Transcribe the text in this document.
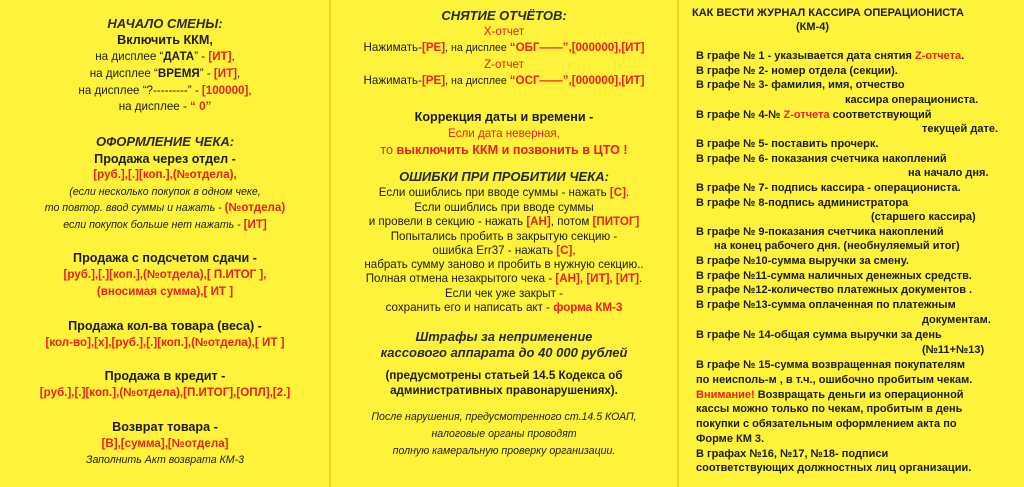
НАЧАЛО СМЕНЫ:
Включить ККМ,
на дисплее “ДАТА” - [ИТ],
на дисплее “ВРЕМЯ” - [ИТ],
на дисплее “?---------” - [100000],
на дисплее - “ 0”
ОФОРМЛЕНИЕ ЧЕКА:
Продажа через отдел -
[руб.],[.][коп.],(№отдела),
(если несколько покупок в одном чеке,
то повтор. ввод суммы и нажать - (№отдела)
если покупок больше нет нажать - [ИТ]
Продажа с подсчетом сдачи -
[руб.],[.][коп.],(№отдела),[ П.ИТОГ ],
(вносимая сумма),[ ИТ ]
Продажа кол-ва товара (веса) -
[кол-во],[х],[руб.],[.][коп.],(№отдела),[ ИТ ]
Продажа в кредит -
[руб.],[.][коп.],(№отдела),[П.ИТОГ],[ОПЛ],[2.]
Возврат товара -
[В],[сумма],[№отдела]
Заполнить Акт возврата КМ-3
СНЯТИЕ ОТЧЁТОВ:
Х-отчет
Нажимать-[РЕ], на дисплее “ОБГ——”,[000000],[ИТ]
Z-отчет
Нажимать-[РЕ], на дисплее “ОСГ——”,[000000],[ИТ]
Коррекция даты и времени -
Если дата неверная,
то выключить ККМ и позвонить в ЦТО !
ОШИБКИ ПРИ ПРОБИТИИ ЧЕКА:
Если ошиблись при вводе суммы - нажать [С].
Если ошиблись при вводе суммы
и провели в секцию - нажать [АН], потом [ПИТОГ]
Попытались пробить в закрытую секцию -
ошибка Err37 - нажать [С],
набрать сумму заново и пробить в нужную секцию..
Полная отмена незакрытого чека - [АН], [ИТ], [ИТ].
Если чек уже закрыт -
сохранить его и написать акт - форма КМ-3
Штрафы за неприменение
кассового аппарата до 40 000 рублей
(предусмотрены статьей 14.5 Кодекса об
административных правонарушениях).
После нарушения, предусмотренного ст.14.5 КОАП,
налоговые органы проводят
полную камеральную проверку организации.
КАК ВЕСТИ ЖУРНАЛ КАССИРА ОПЕРАЦИОНИСТА
(КМ-4)
В графе № 1 - указывается дата снятия Z-отчета.
В графе № 2- номер отдела (секции).
В графе № 3- фамилия, имя, отчество
кассира операциониста.
В графе № 4-№ Z-отчета соответствующий
текущей дате.
В графе № 5- поставить прочерк.
В графе № 6- показания счетчика накоплений
на начало дня.
В графе № 7- подпись кассира - операциониста.
В графе № 8-подпись администратора
(старшего кассира)
В графе № 9-показания счетчика накоплений
на конец рабочего дня. (необнуляемый итог)
В графе №10-сумма выручки за смену.
В графе №11-сумма наличных денежных средств.
В графе №12-количество платежных документов .
В графе №13-сумма оплаченная по платежным
документам.
В графе № 14-общая сумма выручки за день
(№11+№13)
В графе № 15-сумма возвращенная покупателям
по неисполь-м , в т.ч., ошибочно пробитым чекам.
Внимание! Возвращать деньги из операционной
кассы можно только по чекам, пробитым в день
покупки с обязательным оформлением акта по
Форме КМ 3.
В графах №16, №17, №18- подписи
соответствующих должностных лиц организации.
